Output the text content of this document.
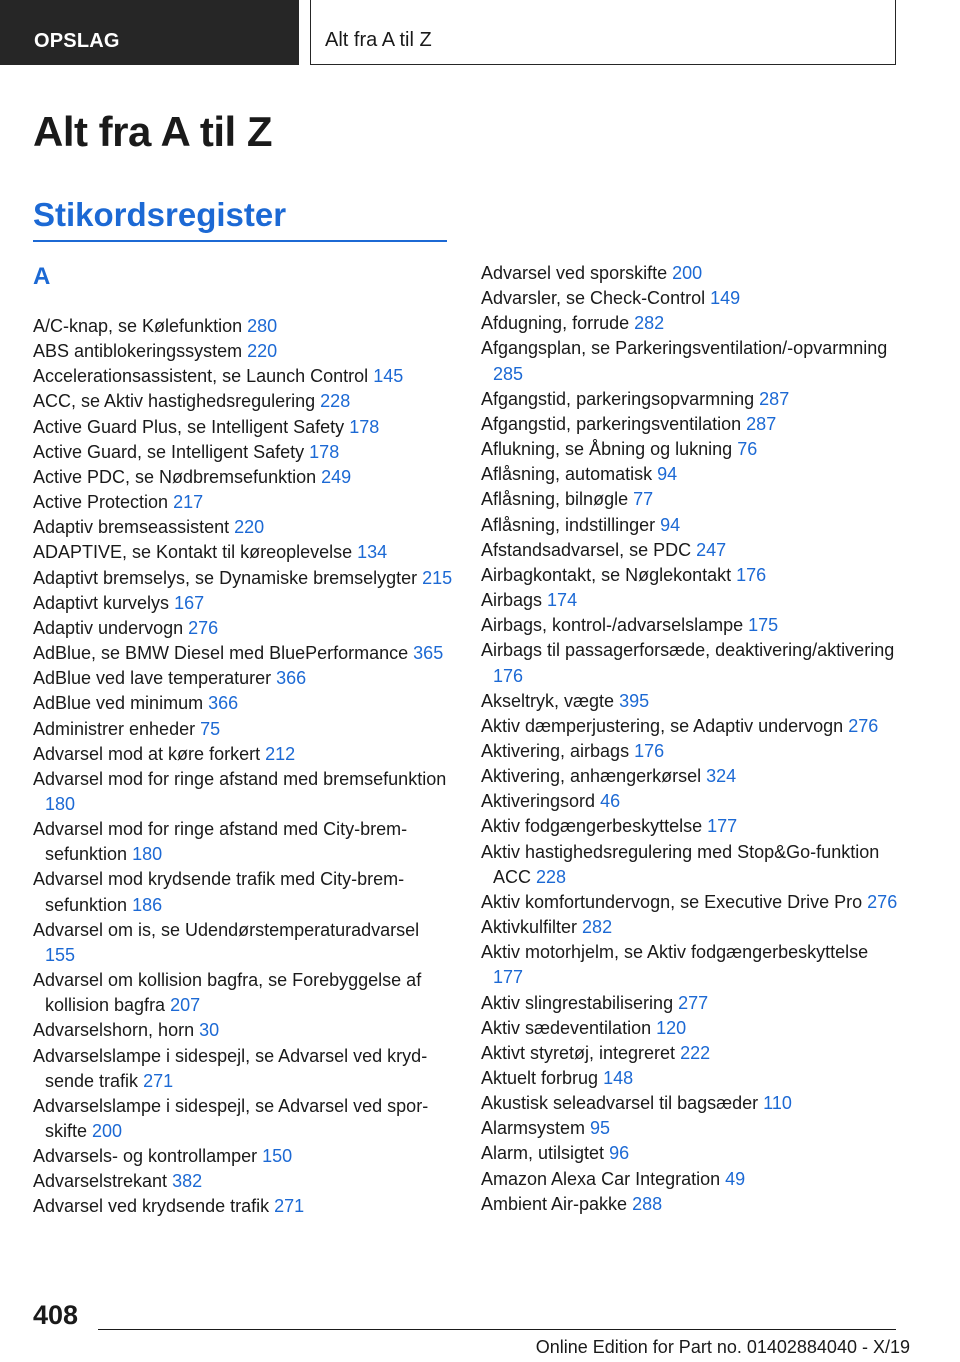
OPSLAG	Alt fra A til Z
Alt fra A til Z
Stikordsregister
A
A/C-knap, se Kølefunktion 280
ABS antiblokeringssystem 220
Accelerationsassistent, se Launch Control 145
ACC, se Aktiv hastighedsregulering 228
Active Guard Plus, se Intelligent Safety 178
Active Guard, se Intelligent Safety 178
Active PDC, se Nødbremsefunktion 249
Active Protection 217
Adaptiv bremseassistent 220
ADAPTIVE, se Kontakt til køreoplevelse 134
Adaptivt bremselys, se Dynamiske bremselygter 215
Adaptivt kurvelys 167
Adaptiv undervogn 276
AdBlue, se BMW Diesel med BluePerformance 365
AdBlue ved lave temperaturer 366
AdBlue ved minimum 366
Administrer enheder 75
Advarsel mod at køre forkert 212
Advarsel mod for ringe afstand med bremsefunktion 180
Advarsel mod for ringe afstand med City-bremsefunktion 180
Advarsel mod krydsende trafik med City-bremsefunktion 186
Advarsel om is, se Udendørstemperaturadvarsel 155
Advarsel om kollision bagfra, se Forebyggelse af kollision bagfra 207
Advarselshorn, horn 30
Advarselslampe i sidespejl, se Advarsel ved krydsende trafik 271
Advarselslampe i sidespejl, se Advarsel ved sporskifte 200
Advarsels- og kontrollamper 150
Advarselstrekant 382
Advarsel ved krydsende trafik 271
Advarsel ved sporskifte 200
Advarsler, se Check-Control 149
Afdugning, forrude 282
Afgangsplan, se Parkeringsventilation/-opvarmning 285
Afgangstid, parkeringsopvarmning 287
Afgangstid, parkeringsventilation 287
Aflukning, se Åbning og lukning 76
Aflåsning, automatisk 94
Aflåsning, bilnøgle 77
Aflåsning, indstillinger 94
Afstandsadvarsel, se PDC 247
Airbagkontakt, se Nøglekontakt 176
Airbags 174
Airbags, kontrol-/advarselslampe 175
Airbags til passagerforsæde, deaktivering/aktivering 176
Akseltryk, vægte 395
Aktiv dæmperjustering, se Adaptiv undervogn 276
Aktivering, airbags 176
Aktivering, anhængerkørsel 324
Aktiveringsord 46
Aktiv fodgængerbeskyttelse 177
Aktiv hastighedsregulering med Stop&Go-funktion ACC 228
Aktiv komfortundervogn, se Executive Drive Pro 276
Aktivkulfilter 282
Aktiv motorhjelm, se Aktiv fodgængerbeskyttelse 177
Aktiv slingrestabilisering 277
Aktiv sædeventilation 120
Aktivt styretøj, integreret 222
Aktuelt forbrug 148
Akustisk seleadvarsel til bagsæder 110
Alarmsystem 95
Alarm, utilsigtet 96
Amazon Alexa Car Integration 49
Ambient Air-pakke 288
408
Online Edition for Part no. 01402884040 - X/19
